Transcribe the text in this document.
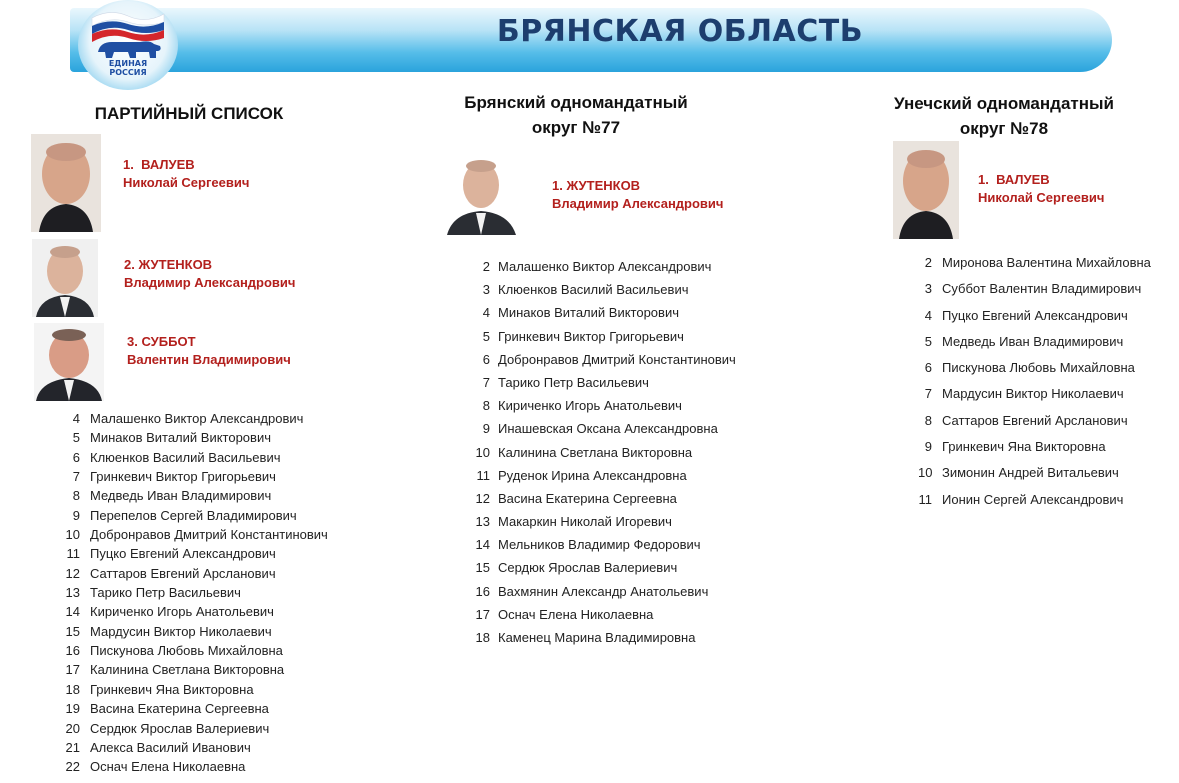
БРЯНСКАЯ ОБЛАСТЬ
ЕДИНАЯ
РОССИЯ
ПАРТИЙНЫЙ СПИСОК
1. ВАЛУЕВ
Николай Сергеевич
2. ЖУТЕНКОВ
Владимир Александрович
3. СУББОТ
Валентин Владимирович
4 Малашенко Виктор Александрович
5 Минаков Виталий Викторович
6 Клюенков Василий Васильевич
7 Гринкевич Виктор Григорьевич
8 Медведь Иван Владимирович
9 Перепелов Сергей Владимирович
10 Добронравов Дмитрий Константинович
11 Пуцко Евгений Александрович
12 Саттаров Евгений Арсланович
13 Тарико Петр Васильевич
14 Кириченко Игорь Анатольевич
15 Мардусин Виктор Николаевич
16 Пискунова Любовь Михайловна
17 Калинина Светлана Викторовна
18 Гринкевич Яна Викторовна
19 Васина Екатерина Сергеевна
20 Сердюк Ярослав Валериевич
21 Алекса Василий Иванович
22 Оснач Елена Николаевна
Брянский одномандатный
округ №77
1. ЖУТЕНКОВ
Владимир Александрович
2 Малашенко Виктор Александрович
3 Клюенков Василий Васильевич
4 Минаков Виталий Викторович
5 Гринкевич Виктор Григорьевич
6 Добронравов Дмитрий Константинович
7 Тарико Петр Васильевич
8 Кириченко Игорь Анатольевич
9 Инашевская Оксана Александровна
10 Калинина Светлана Викторовна
11 Руденок Ирина Александровна
12 Васина Екатерина Сергеевна
13 Макаркин Николай Игоревич
14 Мельников Владимир Федорович
15 Сердюк Ярослав Валериевич
16 Вахмянин Александр Анатольевич
17 Оснач Елена Николаевна
18 Каменец Марина Владимировна
Унечский одномандатный
округ №78
1. ВАЛУЕВ
Николай Сергеевич
2 Миронова Валентина Михайловна
3 Суббот Валентин Владимирович
4 Пуцко Евгений Александрович
5 Медведь Иван Владимирович
6 Пискунова Любовь Михайловна
7 Мардусин Виктор Николаевич
8 Саттаров Евгений Арсланович
9 Гринкевич Яна Викторовна
10 Зимонин Андрей Витальевич
11 Ионин Сергей Александрович
